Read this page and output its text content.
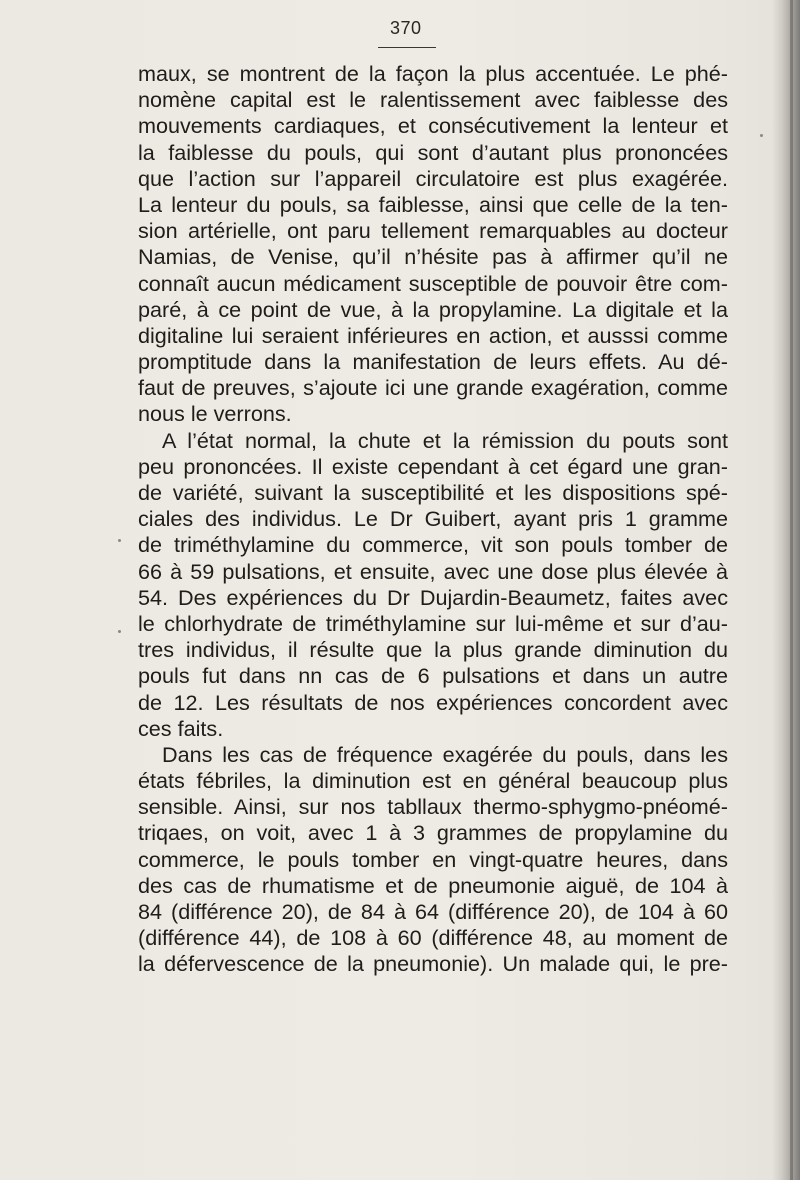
370
maux, se montrent de la façon la plus accentuée. Le phé-
nomène capital est le ralentissement avec faiblesse des
mouvements cardiaques, et consécutivement la lenteur et
la faiblesse du pouls, qui sont d’autant plus prononcées
que l’action sur l’appareil circulatoire est plus exagérée.
La lenteur du pouls, sa faiblesse, ainsi que celle de la ten-
sion artérielle, ont paru tellement remarquables au docteur
Namias, de Venise, qu’il n’hésite pas à affirmer qu’il ne
connaît aucun médicament susceptible de pouvoir être com-
paré, à ce point de vue, à la propylamine. La digitale et la
digitaline lui seraient inférieures en action, et ausssi comme
promptitude dans la manifestation de leurs effets. Au dé-
faut de preuves, s’ajoute ici une grande exagération, comme
nous le verrons.
A l’état normal, la chute et la rémission du pouts sont
peu prononcées. Il existe cependant à cet égard une gran-
de variété, suivant la susceptibilité et les dispositions spé-
ciales des individus. Le Dr Guibert, ayant pris 1 gramme
de triméthylamine du commerce, vit son pouls tomber de
66 à 59 pulsations, et ensuite, avec une dose plus élevée à
54. Des expériences du Dr Dujardin-Beaumetz, faites avec
le chlorhydrate de triméthylamine sur lui-même et sur d’au-
tres individus, il résulte que la plus grande diminution du
pouls fut dans nn cas de 6 pulsations et dans un autre
de 12. Les résultats de nos expériences concordent avec
ces faits.
Dans les cas de fréquence exagérée du pouls, dans les
états fébriles, la diminution est en général beaucoup plus
sensible. Ainsi, sur nos tabllaux thermo-sphygmo-pnéomé-
triqaes, on voit, avec 1 à 3 grammes de propylamine du
commerce, le pouls tomber en vingt-quatre heures, dans
des cas de rhumatisme et de pneumonie aiguë, de 104 à
84 (différence 20), de 84 à 64 (différence 20), de 104 à 60
(différence 44), de 108 à 60 (différence 48, au moment de
la défervescence de la pneumonie). Un malade qui, le pre-
